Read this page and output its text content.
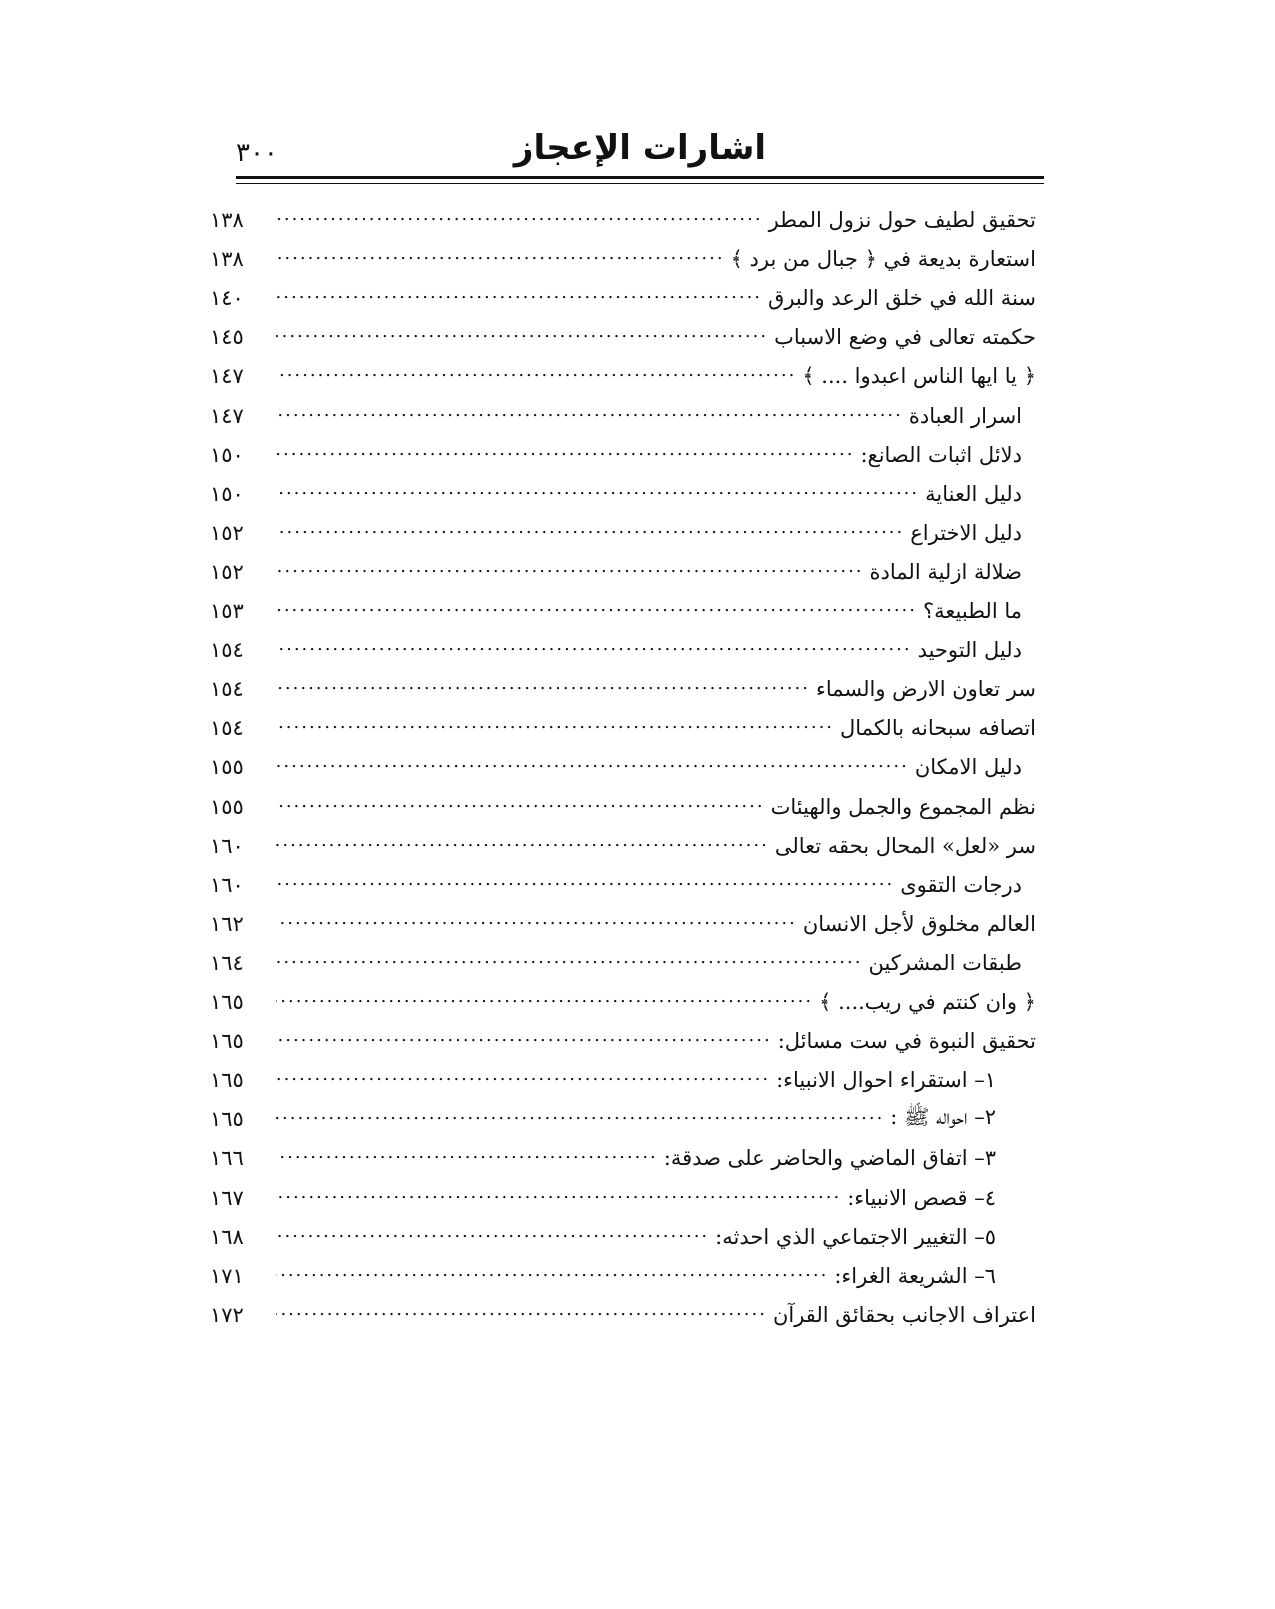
٣٠٠	اشارات الإعجاز
تحقيق لطيف حول نزول المطر
.....
١٣٨
استعارة بديعة في ﴿ جبال من برد ﴾
.....
١٣٨
سنة الله في خلق الرعد والبرق
.....
١٤٠
حكمته تعالى في وضع الاسباب
.....
١٤٥
﴿ يا ايها الناس اعبدوا .... ﴾
.....
١٤٧
اسرار العبادة
.....
١٤٧
دلائل اثبات الصانع:
.....
١٥٠
دليل العناية
.....
١٥٠
دليل الاختراع
.....
١٥٢
ضلالة ازلية المادة
.....
١٥٢
ما الطبيعة؟
.....
١٥٣
دليل التوحيد
.....
١٥٤
سر تعاون الارض والسماء
.....
١٥٤
اتصافه سبحانه بالكمال
.....
١٥٤
دليل الامكان
.....
١٥٥
نظم المجموع والجمل والهيئات
.....
١٥٥
سر «لعل» المحال بحقه تعالى
.....
١٦٠
درجات التقوى
.....
١٦٠
العالم مخلوق لأجل الانسان
.....
١٦٢
طبقات المشركين
.....
١٦٤
﴿ وان كنتم في ريب.... ﴾
.....
١٦٥
تحقيق النبوة في ست مسائل:
.....
١٦٥
١– استقراء احوال الانبياء:
.....
١٦٥
٢– احواله ﷺ :
.....
١٦٥
٣– اتفاق الماضي والحاضر على صدقة:
.....
١٦٦
٤– قصص الانبياء:
.....
١٦٧
٥– التغيير الاجتماعي الذي احدثه:
.....
١٦٨
٦– الشريعة الغراء:
.....
١٧١
اعتراف الاجانب بحقائق القرآن
.....
١٧٢
